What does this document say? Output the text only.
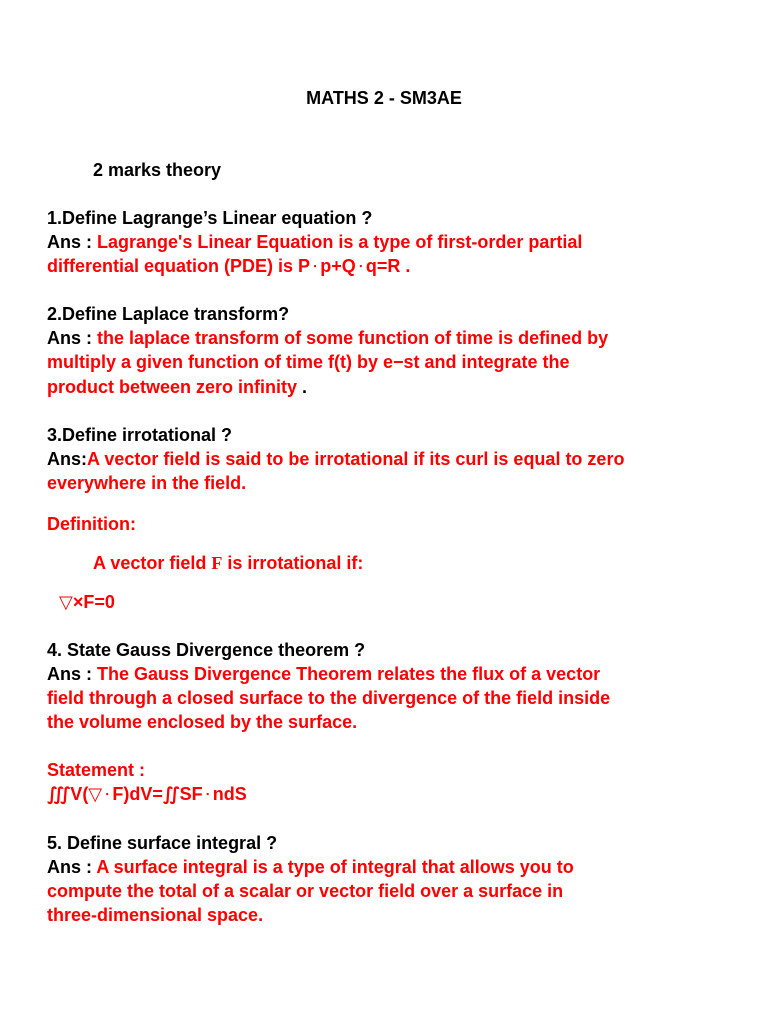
MATHS 2 - SM3AE
2 marks theory
1.Define Lagrange’s Linear equation ?
Ans : Lagrange's Linear Equation is a type of first-order partial
differential equation (PDE) is P ⋅ p+Q ⋅ q=R .
2.Define Laplace transform?
Ans : the laplace transform of some function of time is defined by
multiply a given function of time f(t) by e−st and integrate the
product between zero infinity .
3.Define irrotational ?
Ans:A vector field is said to be irrotational if its curl is equal to zero
everywhere in the field.
Definition:
A vector field F is irrotational if:
▽×F=0
4. State Gauss Divergence theorem ?
Ans : The Gauss Divergence Theorem relates the flux of a vector
field through a closed surface to the divergence of the field inside
the volume enclosed by the surface.
Statement :
∭V(▽ ⋅ F)dV=∬SF ⋅ ndS
5. Define surface integral ?
Ans : A surface integral is a type of integral that allows you to
compute the total of a scalar or vector field over a surface in
three-dimensional space.
